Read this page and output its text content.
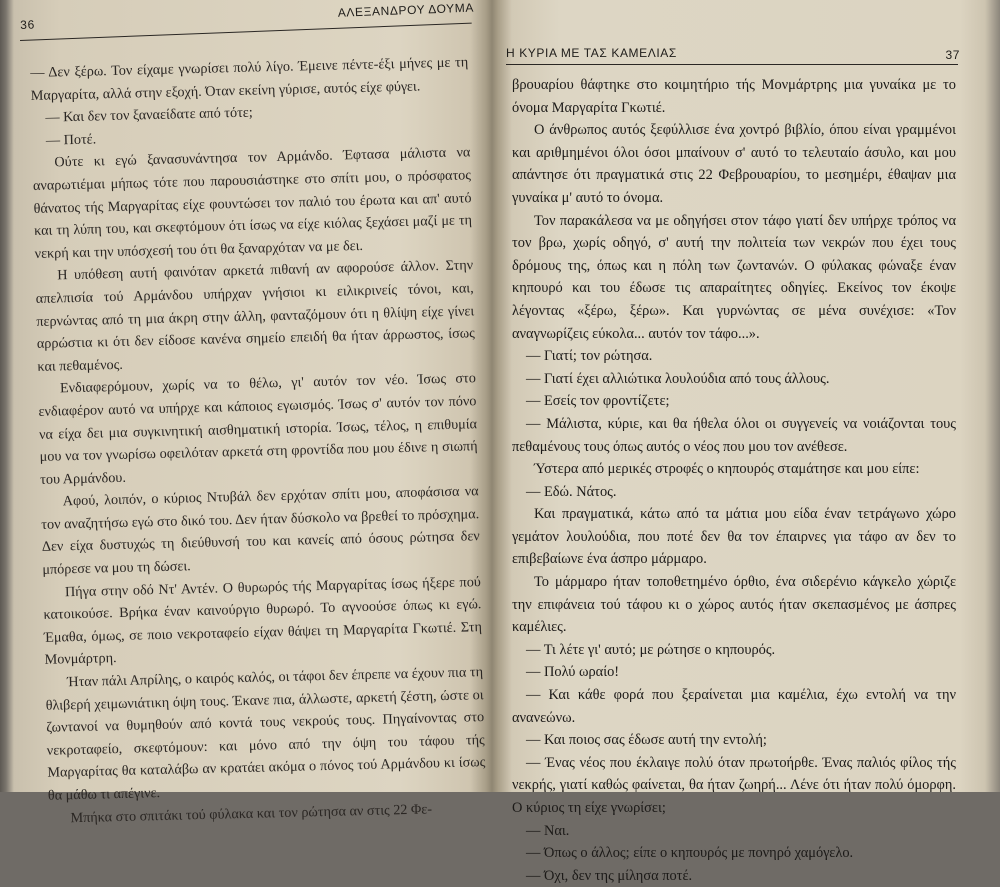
36
ΑΛΕΞΑΝΔΡΟΥ ΔΟΥΜΑ

— Δεν ξέρω. Τον είχαμε γνωρίσει πολύ λίγο. Έμεινε πέντε-έξι μήνες με τη Μαργαρίτα, αλλά στην εξοχή. Όταν εκείνη γύρισε, αυτός είχε φύγει.

— Και δεν τον ξαναείδατε από τότε;

— Ποτέ.

Ούτε κι εγώ ξανασυνάντησα τον Αρμάνδο. Έφτασα μάλιστα να αναρωτιέμαι μήπως τότε που παρουσιάστηκε στο σπίτι μου, ο πρόσφατος θάνατος τής Μαργαρίτας είχε φουντώσει τον παλιό του έρωτα και απ' αυτό και τη λύπη του, και σκεφτόμουν ότι ίσως να είχε κιόλας ξεχάσει μαζί με τη νεκρή και την υπόσχεσή του ότι θα ξαναρχόταν να με δει.

Η υπόθεση αυτή φαινόταν αρκετά πιθανή αν αφορούσε άλλον. Στην απελπισία τού Αρμάνδου υπήρχαν γνήσιοι κι ειλικρινείς τόνοι, και, περνώντας από τη μια άκρη στην άλλη, φανταζόμουν ότι η θλίψη είχε γίνει αρρώστια κι ότι δεν είδοσε κανένα σημείο επειδή θα ήταν άρρωστος, ίσως και πεθαμένος.

Ενδιαφερόμουν, χωρίς να το θέλω, γι' αυτόν τον νέο. Ίσως στο ενδιαφέρον αυτό να υπήρχε και κάποιος εγωισμός. Ίσως σ' αυτόν τον πόνο να είχα δει μια συγκινητική αισθηματική ιστορία. Ίσως, τέλος, η επιθυμία μου να τον γνωρίσω οφειλόταν αρκετά στη φροντίδα που μου έδινε η σιωπή του Αρμάνδου.

Αφού, λοιπόν, ο κύριος Ντυβάλ δεν ερχόταν σπίτι μου, αποφάσισα να τον αναζητήσω εγώ στο δικό του. Δεν ήταν δύσκολο να βρεθεί το πρόσχημα. Δεν είχα δυστυχώς τη διεύθυνσή του και κανείς από όσους ρώτησα δεν μπόρεσε να μου τη δώσει.

Πήγα στην οδό Ντ' Αντέν. Ο θυρωρός τής Μαργαρίτας ίσως ήξερε πού κατοικούσε. Βρήκα έναν καινούργιο θυρωρό. Το αγνοούσε όπως κι εγώ. Έμαθα, όμως, σε ποιο νεκροταφείο είχαν θάψει τη Μαργαρίτα Γκωτιέ. Στη Μονμάρτρη.

Ήταν πάλι Απρίλης, ο καιρός καλός, οι τάφοι δεν έπρεπε να έχουν πια τη θλιβερή χειμωνιάτικη όψη τους. Έκανε πια, άλλωστε, αρκετή ζέστη, ώστε οι ζωντανοί να θυμηθούν από κοντά τους νεκρούς τους. Πηγαίνοντας στο νεκροταφείο, σκεφτόμουν: και μόνο από την όψη του τάφου τής Μαργαρίτας θα καταλάβω αν κρατάει ακόμα ο πόνος τού Αρμάνδου κι ίσως θα μάθω τι απέγινε.

Μπήκα στο σπιτάκι τού φύλακα και τον ρώτησα αν στις 22 Φε-

Η ΚΥΡΙΑ ΜΕ ΤΑΣ ΚΑΜΕΛΙΑΣ	37

βρουαρίου θάφτηκε στο κοιμητήριο τής Μονμάρτρης μια γυναίκα με το όνομα Μαργαρίτα Γκωτιέ.

Ο άνθρωπος αυτός ξεφύλλισε ένα χοντρό βιβλίο, όπου είναι γραμμένοι και αριθμημένοι όλοι όσοι μπαίνουν σ' αυτό το τελευταίο άσυλο, και μου απάντησε ότι πραγματικά στις 22 Φεβρουαρίου, το μεσημέρι, έθαψαν μια γυναίκα μ' αυτό το όνομα.

Τον παρακάλεσα να με οδηγήσει στον τάφο γιατί δεν υπήρχε τρόπος να τον βρω, χωρίς οδηγό, σ' αυτή την πολιτεία των νεκρών που έχει τους δρόμους της, όπως και η πόλη των ζωντανών. Ο φύλακας φώναξε έναν κηπουρό και του έδωσε τις απαραίτητες οδηγίες. Εκείνος τον έκοψε λέγοντας «ξέρω, ξέρω». Και γυρνώντας σε μένα συνέχισε: «Τον αναγνωρίζεις εύκολα... αυτόν τον τάφο...».

— Γιατί; τον ρώτησα.

— Γιατί έχει αλλιώτικα λουλούδια από τους άλλους.

— Εσείς τον φροντίζετε;

— Μάλιστα, κύριε, και θα ήθελα όλοι οι συγγενείς να νοιάζονται τους πεθαμένους τους όπως αυτός ο νέος που μου τον ανέθεσε.

Ύστερα από μερικές στροφές ο κηπουρός σταμάτησε και μου είπε:

— Εδώ. Νάτος.

Και πραγματικά, κάτω από τα μάτια μου είδα έναν τετράγωνο χώρο γεμάτον λουλούδια, που ποτέ δεν θα τον έπαιρνες για τάφο αν δεν το επιβεβαίωνε ένα άσπρο μάρμαρο.

Το μάρμαρο ήταν τοποθετημένο όρθιο, ένα σιδερένιο κάγκελο χώριζε την επιφάνεια τού τάφου κι ο χώρος αυτός ήταν σκεπασμένος με άσπρες καμέλιες.

— Τι λέτε γι' αυτό; με ρώτησε ο κηπουρός.

— Πολύ ωραίο!

— Και κάθε φορά που ξεραίνεται μια καμέλια, έχω εντολή να την ανανεώνω.

— Και ποιος σας έδωσε αυτή την εντολή;

— Ένας νέος που έκλαιγε πολύ όταν πρωτοήρθε. Ένας παλιός φίλος τής νεκρής, γιατί καθώς φαίνεται, θα ήταν ζωηρή... Λένε ότι ήταν πολύ όμορφη. Ο κύριος τη είχε γνωρίσει;

— Ναι.

— Όπως ο άλλος; είπε ο κηπουρός με πονηρό χαμόγελο.

— Όχι, δεν της μίλησα ποτέ.
